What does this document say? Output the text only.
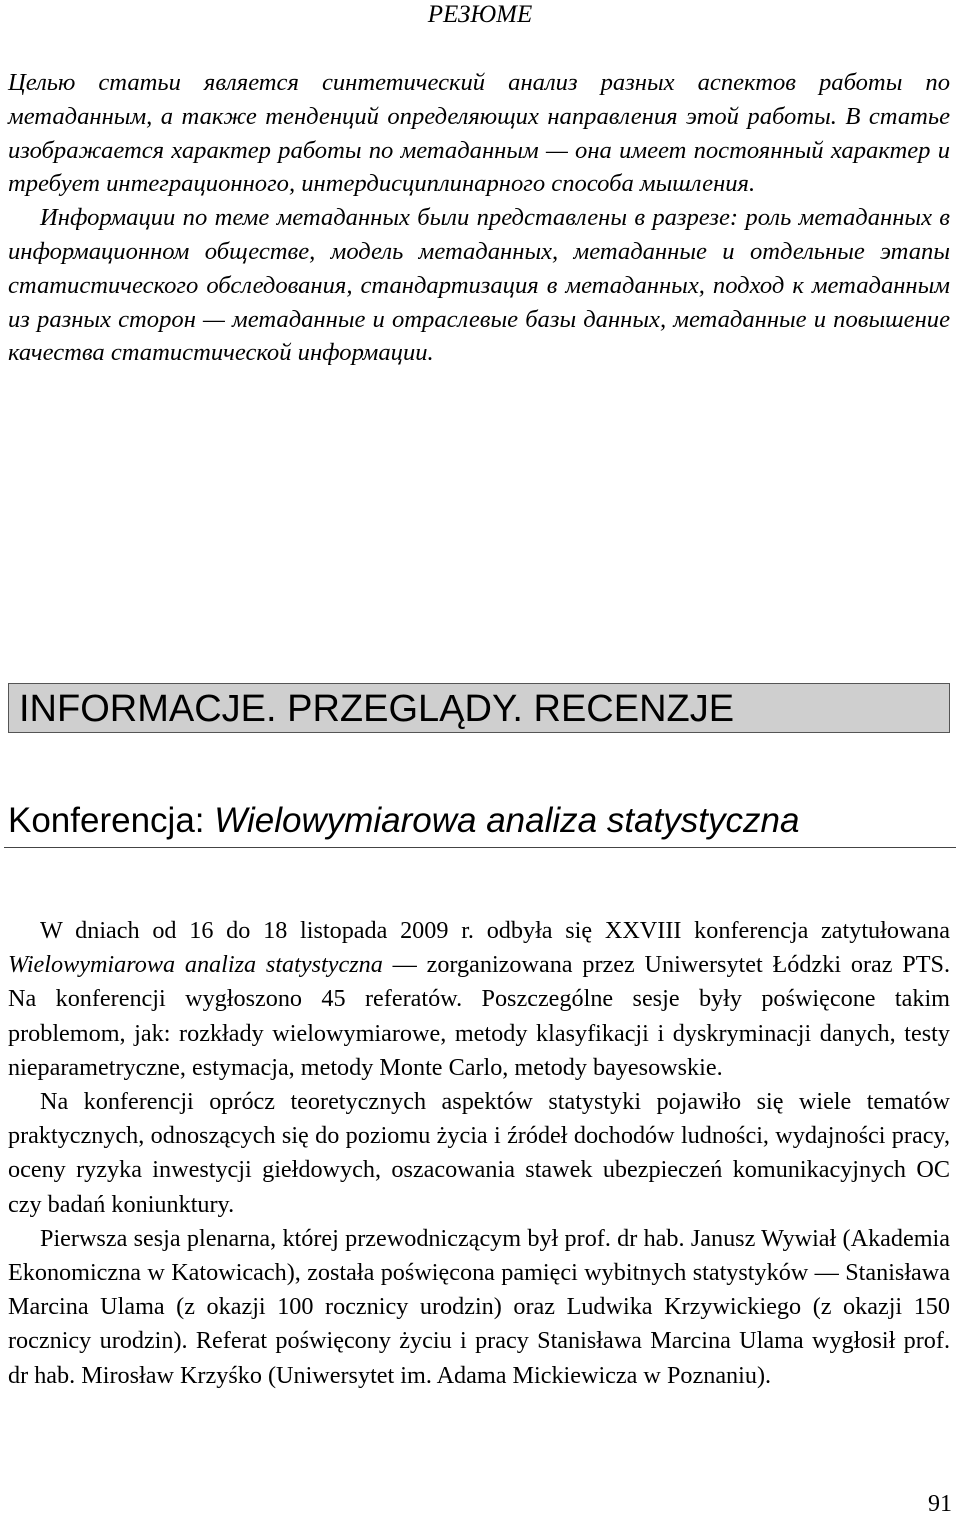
РЕЗЮМЕ

Целью статьи является синтетический анализ разных аспектов работы по метаданным, а также тенденций определяющих направления этой работы. В статье изображается характер работы по метаданным — она имеет постоянный характер и требует интеграционного, интердисциплинарного способа мышления.

Информации по теме метаданных были представлены в разрезе: роль метаданных в информационном обществе, модель метаданных, метаданные и отдельные этапы статистического обследования, стандартизация в метаданных, подход к метаданным из разных сторон — метаданные и отраслевые базы данных, метаданные и повышение качества статистической информации.

INFORMACJE. PRZEGLĄDY. RECENZJE
Konferencja: Wielowymiarowa analiza statystyczna

W dniach od 16 do 18 listopada 2009 r. odbyła się XXVIII konferencja zatytułowana Wielowymiarowa analiza statystyczna — zorganizowana przez Uniwersytet Łódzki oraz PTS. Na konferencji wygłoszono 45 referatów. Poszczególne sesje były poświęcone takim problemom, jak: rozkłady wielowymiarowe, metody klasyfikacji i dyskryminacji danych, testy nieparametryczne, estymacja, metody Monte Carlo, metody bayesowskie.

Na konferencji oprócz teoretycznych aspektów statystyki pojawiło się wiele tematów praktycznych, odnoszących się do poziomu życia i źródeł dochodów ludności, wydajności pracy, oceny ryzyka inwestycji giełdowych, oszacowania stawek ubezpieczeń komunikacyjnych OC czy badań koniunktury.

Pierwsza sesja plenarna, której przewodniczącym był prof. dr hab. Janusz Wywiał (Akademia Ekonomiczna w Katowicach), została poświęcona pamięci wybitnych statystyków — Stanisława Marcina Ulama (z okazji 100 rocznicy urodzin) oraz Ludwika Krzywickiego (z okazji 150 rocznicy urodzin). Referat poświęcony życiu i pracy Stanisława Marcina Ulama wygłosił prof. dr hab. Mirosław Krzyśko (Uniwersytet im. Adama Mickiewicza w Poznaniu).

91
